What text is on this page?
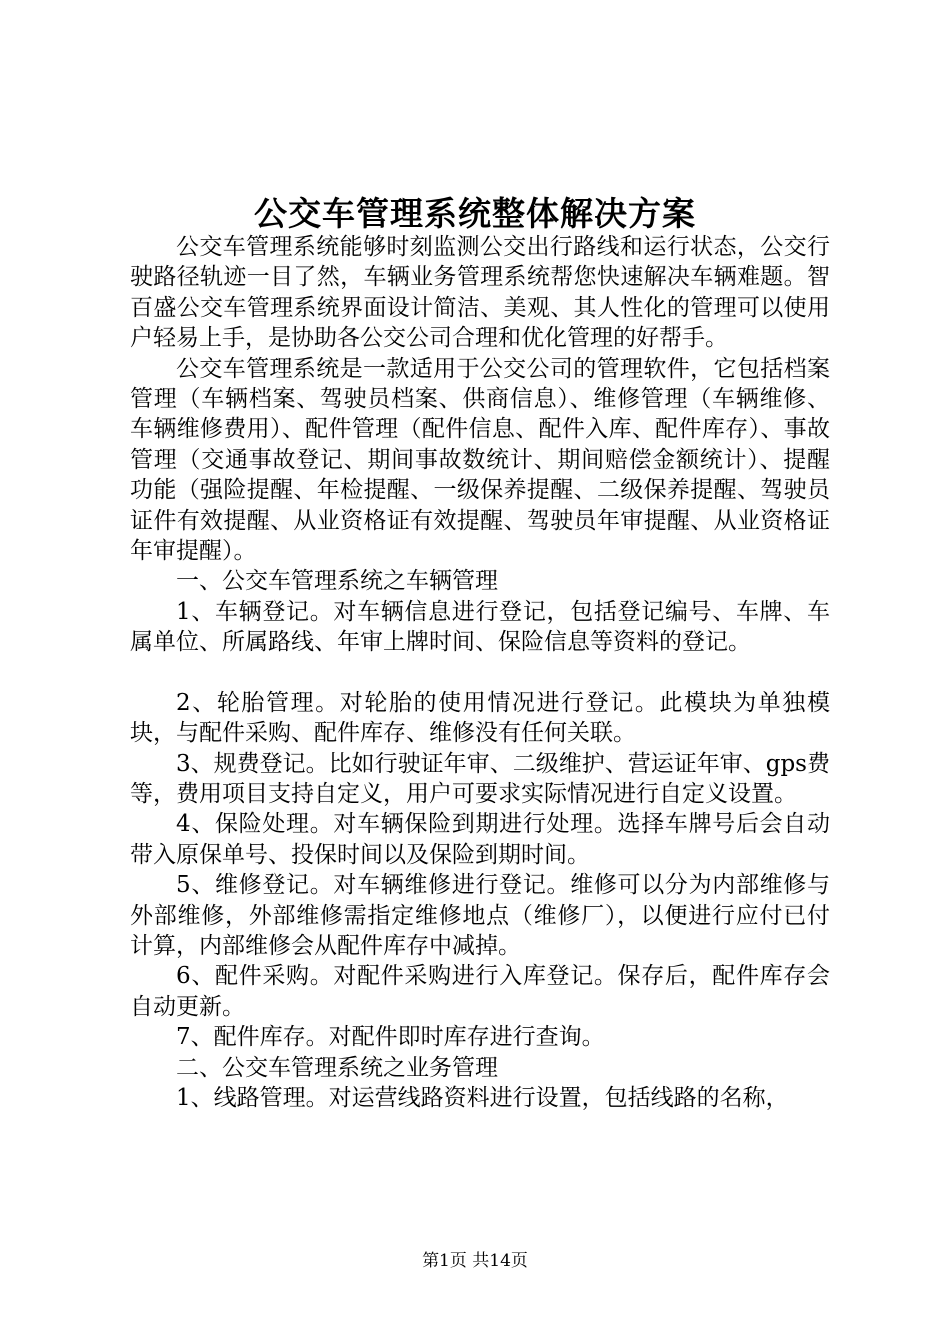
公交车管理系统整体解决方案

公交车管理系统能够时刻监测公交出行路线和运行状态，公交行驶路径轨迹一目了然，车辆业务管理系统帮您快速解决车辆难题。智百盛公交车管理系统界面设计简洁、美观、其人性化的管理可以使用户轻易上手，是协助各公交公司合理和优化管理的好帮手。

公交车管理系统是一款适用于公交公司的管理软件，它包括档案管理（车辆档案、驾驶员档案、供商信息）、维修管理（车辆维修、车辆维修费用）、配件管理（配件信息、配件入库、配件库存）、事故管理（交通事故登记、期间事故数统计、期间赔偿金额统计）、提醒功能（强险提醒、年检提醒、一级保养提醒、二级保养提醒、驾驶员证件有效提醒、从业资格证有效提醒、驾驶员年审提醒、从业资格证年审提醒）。

一、公交车管理系统之车辆管理

1、车辆登记。对车辆信息进行登记，包括登记编号、车牌、车属单位、所属路线、年审上牌时间、保险信息等资料的登记。

2、轮胎管理。对轮胎的使用情况进行登记。此模块为单独模块，与配件采购、配件库存、维修没有任何关联。

3、规费登记。比如行驶证年审、二级维护、营运证年审、gps费等，费用项目支持自定义，用户可要求实际情况进行自定义设置。

4、保险处理。对车辆保险到期进行处理。选择车牌号后会自动带入原保单号、投保时间以及保险到期时间。

5、维修登记。对车辆维修进行登记。维修可以分为内部维修与外部维修，外部维修需指定维修地点（维修厂），以便进行应付已付计算，内部维修会从配件库存中减掉。

6、配件采购。对配件采购进行入库登记。保存后，配件库存会自动更新。

7、配件库存。对配件即时库存进行查询。

二、公交车管理系统之业务管理

1、线路管理。对运营线路资料进行设置，包括线路的名称，

第1页 共14页
